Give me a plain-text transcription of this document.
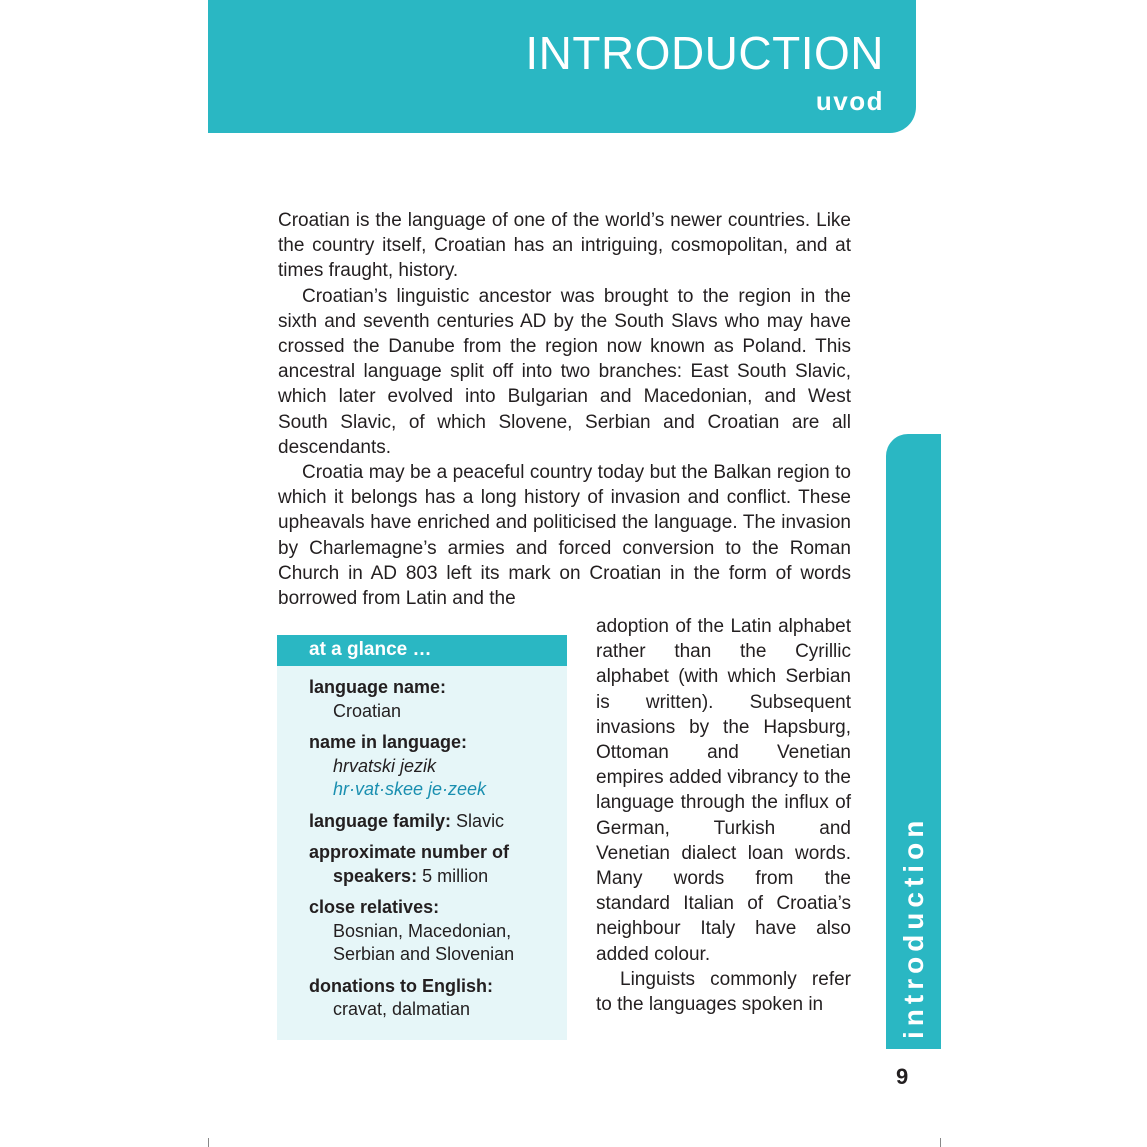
INTRODUCTION
uvod

Croatian is the language of one of the world’s newer countries. Like the country itself, Croatian has an intriguing, cosmopolitan, and at times fraught, history.

Croatian’s linguistic ancestor was brought to the region in the sixth and seventh centuries AD by the South Slavs who may have crossed the Danube from the region now known as Poland. This ancestral language split off into two branches: East South Slavic, which later evolved into Bulgarian and Macedonian, and West South Slavic, of which Slovene, Serbian and Croatian are all descendants.

Croatia may be a peaceful country today but the Balkan region to which it belongs has a long history of invasion and conflict. These upheavals have enriched and politicised the language. The invasion by Charlemagne’s armies and forced conversion to the Roman Church in AD 803 left its mark on Croatian in the form of words borrowed from Latin and the

at a glance …
language name:
Croatian
name in language:
hrvatski jezik
hr·vat·skee je·zeek
language family: Slavic
approximate number of
speakers: 5 million
close relatives:
Bosnian, Macedonian,
Serbian and Slovenian
donations to English:
cravat, dalmatian

adoption of the Latin alphabet rather than the Cyrillic alphabet (with which Serbian is written). Subsequent invasions by the Hapsburg, Ottoman and Venetian empires added vibrancy to the language through the influx of German, Turkish and Venetian dialect loan words. Many words from the standard Italian of Croatia’s neighbour Italy have also added colour.

Linguists commonly refer to the languages spoken in	introduction
9
